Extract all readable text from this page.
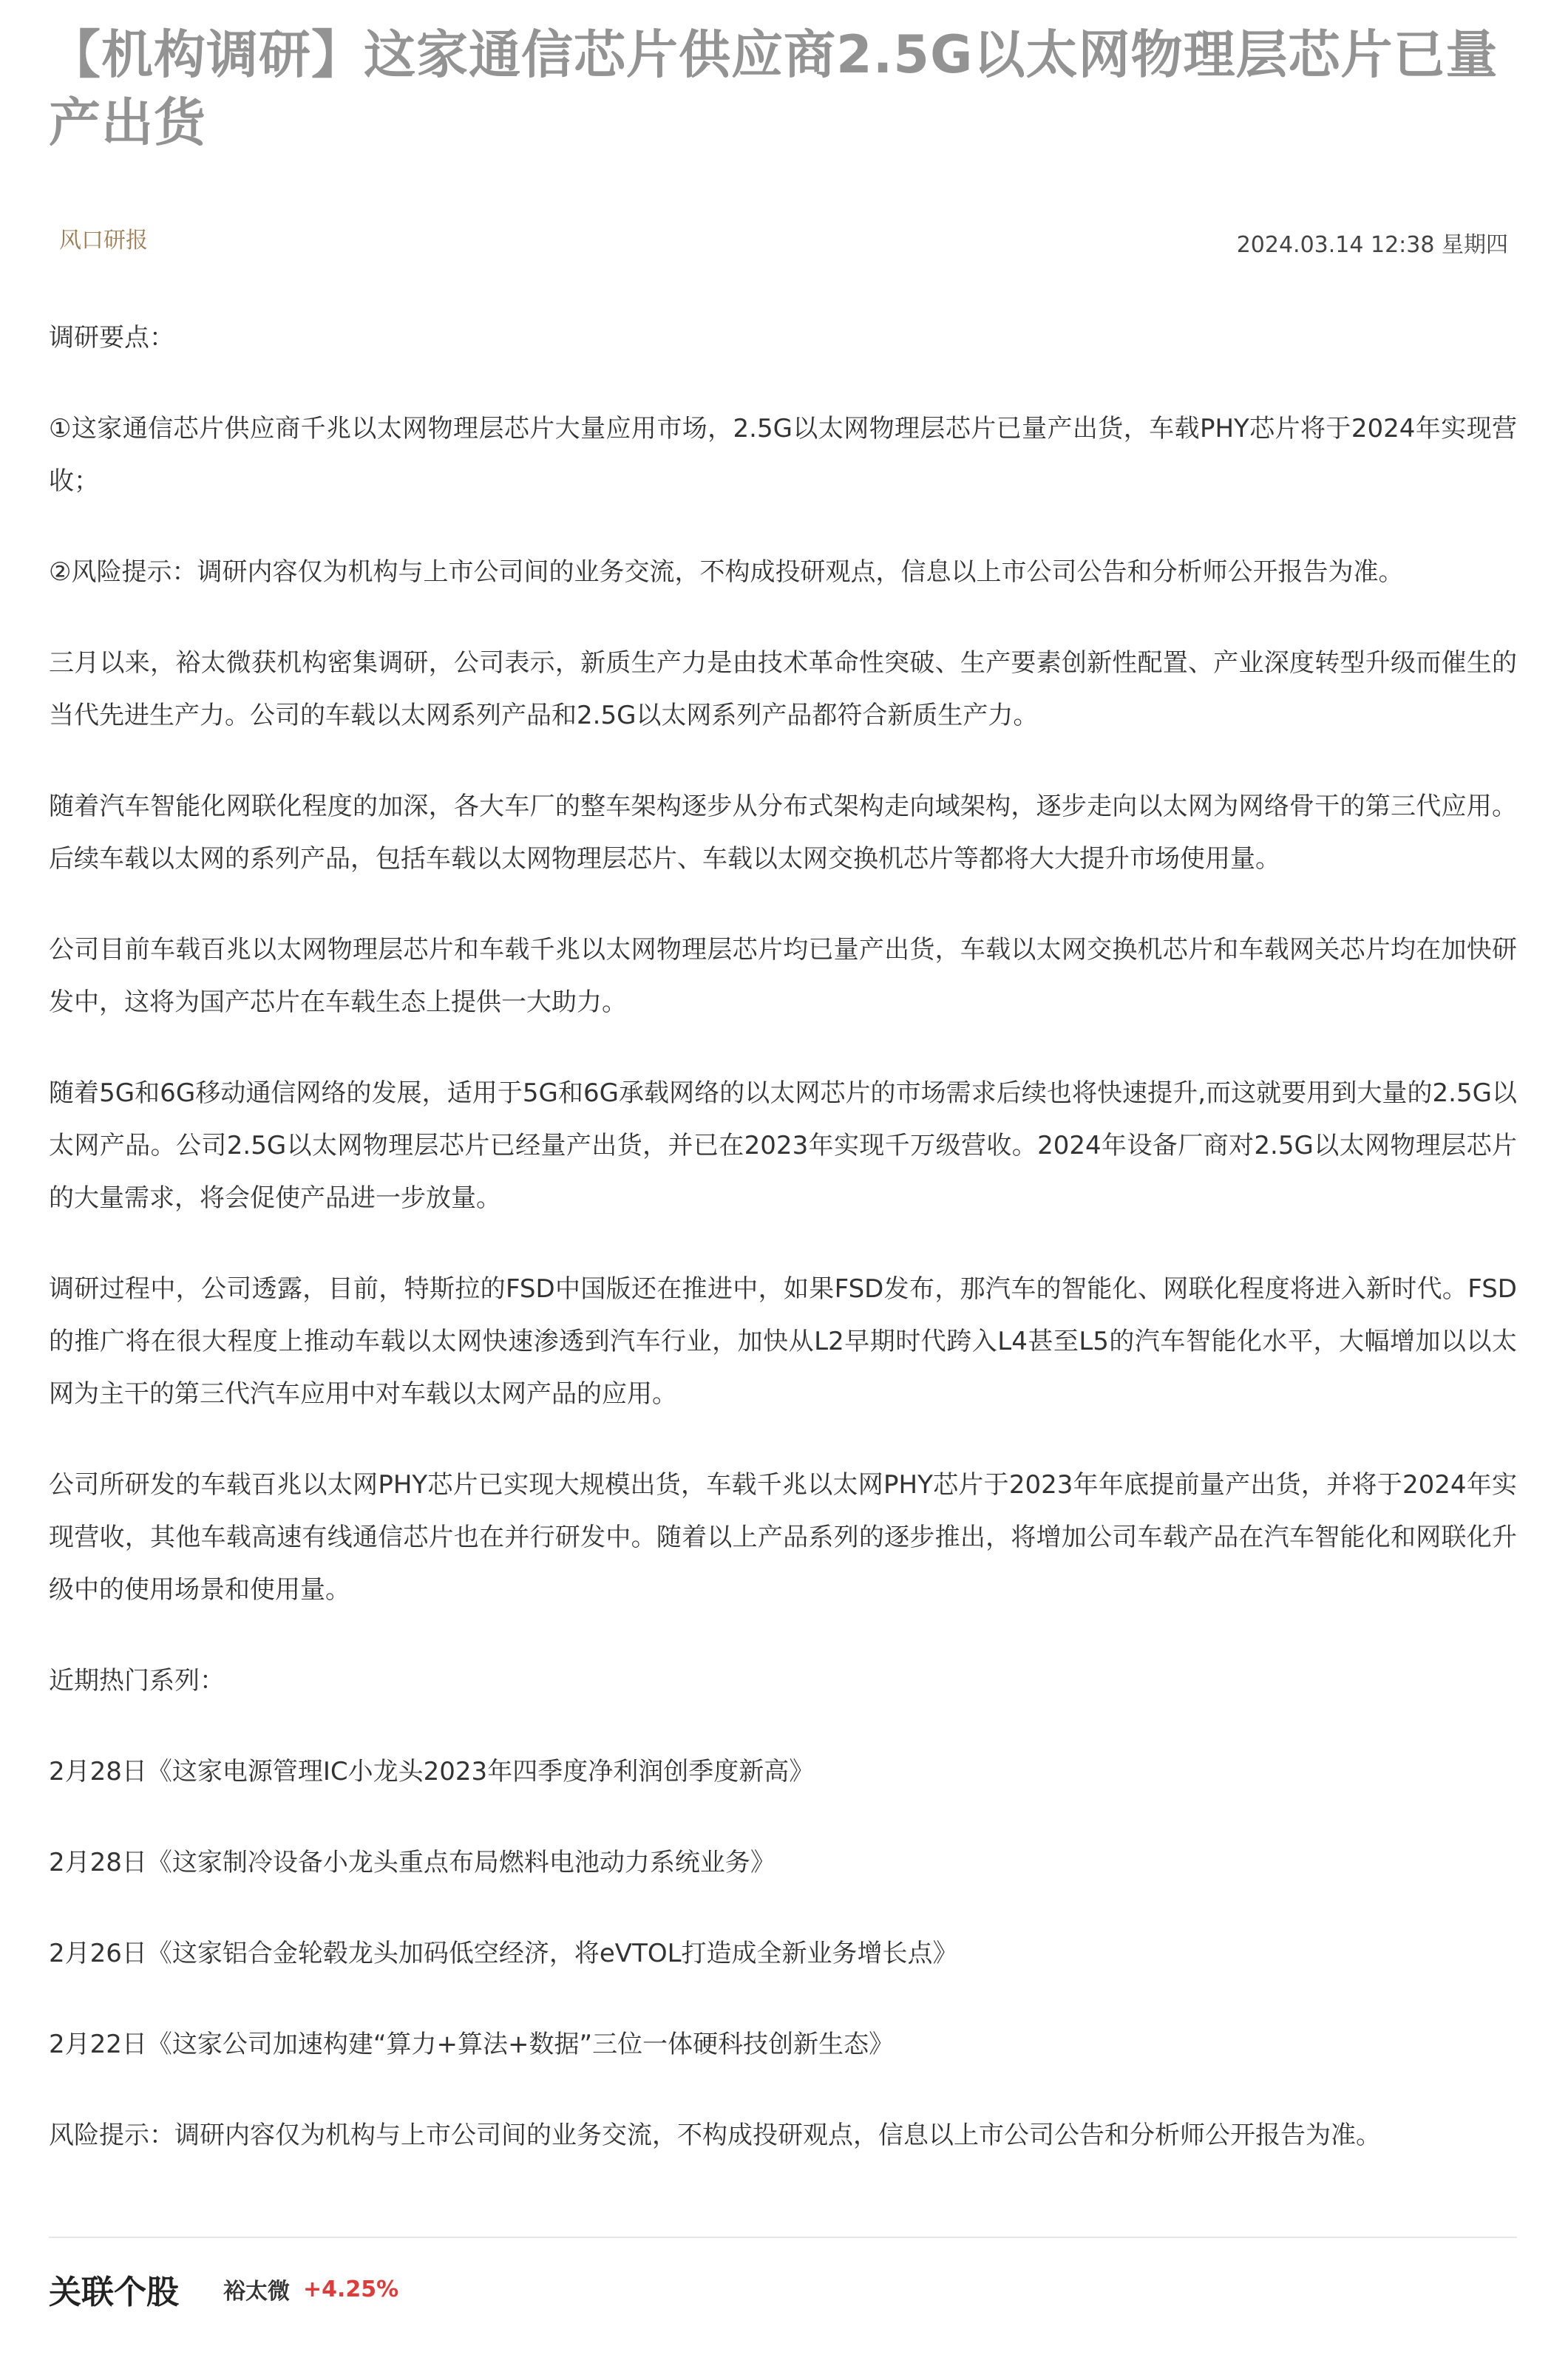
【机构调研】这家通信芯片供应商2.5G以太网物理层芯片已量产出货
风口研报	2024.03.14 12:38 星期四

调研要点：

①这家通信芯片供应商千兆以太网物理层芯片大量应用市场，2.5G以太网物理层芯片已量产出货，车载PHY芯片将于2024年实现营收；

②风险提示：调研内容仅为机构与上市公司间的业务交流，不构成投研观点，信息以上市公司公告和分析师公开报告为准。

三月以来，裕太微获机构密集调研，公司表示，新质生产力是由技术革命性突破、生产要素创新性配置、产业深度转型升级而催生的当代先进生产力。公司的车载以太网系列产品和2.5G以太网系列产品都符合新质生产力。

随着汽车智能化网联化程度的加深，各大车厂的整车架构逐步从分布式架构走向域架构，逐步走向以太网为网络骨干的第三代应用。后续车载以太网的系列产品，包括车载以太网物理层芯片、车载以太网交换机芯片等都将大大提升市场使用量。

公司目前车载百兆以太网物理层芯片和车载千兆以太网物理层芯片均已量产出货，车载以太网交换机芯片和车载网关芯片均在加快研发中，这将为国产芯片在车载生态上提供一大助力。

随着5G和6G移动通信网络的发展，适用于5G和6G承载网络的以太网芯片的市场需求后续也将快速提升,而这就要用到大量的2.5G以太网产品。公司2.5G以太网物理层芯片已经量产出货，并已在2023年实现千万级营收。2024年设备厂商对2.5G以太网物理层芯片的大量需求，将会促使产品进一步放量。

调研过程中，公司透露，目前，特斯拉的FSD中国版还在推进中，如果FSD发布，那汽车的智能化、网联化程度将进入新时代。FSD的推广将在很大程度上推动车载以太网快速渗透到汽车行业，加快从L2早期时代跨入L4甚至L5的汽车智能化水平，大幅增加以以太网为主干的第三代汽车应用中对车载以太网产品的应用。

公司所研发的车载百兆以太网PHY芯片已实现大规模出货，车载千兆以太网PHY芯片于2023年年底提前量产出货，并将于2024年实现营收，其他车载高速有线通信芯片也在并行研发中。随着以上产品系列的逐步推出，将增加公司车载产品在汽车智能化和网联化升级中的使用场景和使用量。

近期热门系列：

2月28日《这家电源管理IC小龙头2023年四季度净利润创季度新高》
2月28日《这家制冷设备小龙头重点布局燃料电池动力系统业务》
2月26日《这家铝合金轮毂龙头加码低空经济，将eVTOL打造成全新业务增长点》
2月22日《这家公司加速构建“算力+算法+数据”三位一体硬科技创新生态》

风险提示：调研内容仅为机构与上市公司间的业务交流，不构成投研观点，信息以上市公司公告和分析师公开报告为准。

关联个股 裕太微 +4.25%
